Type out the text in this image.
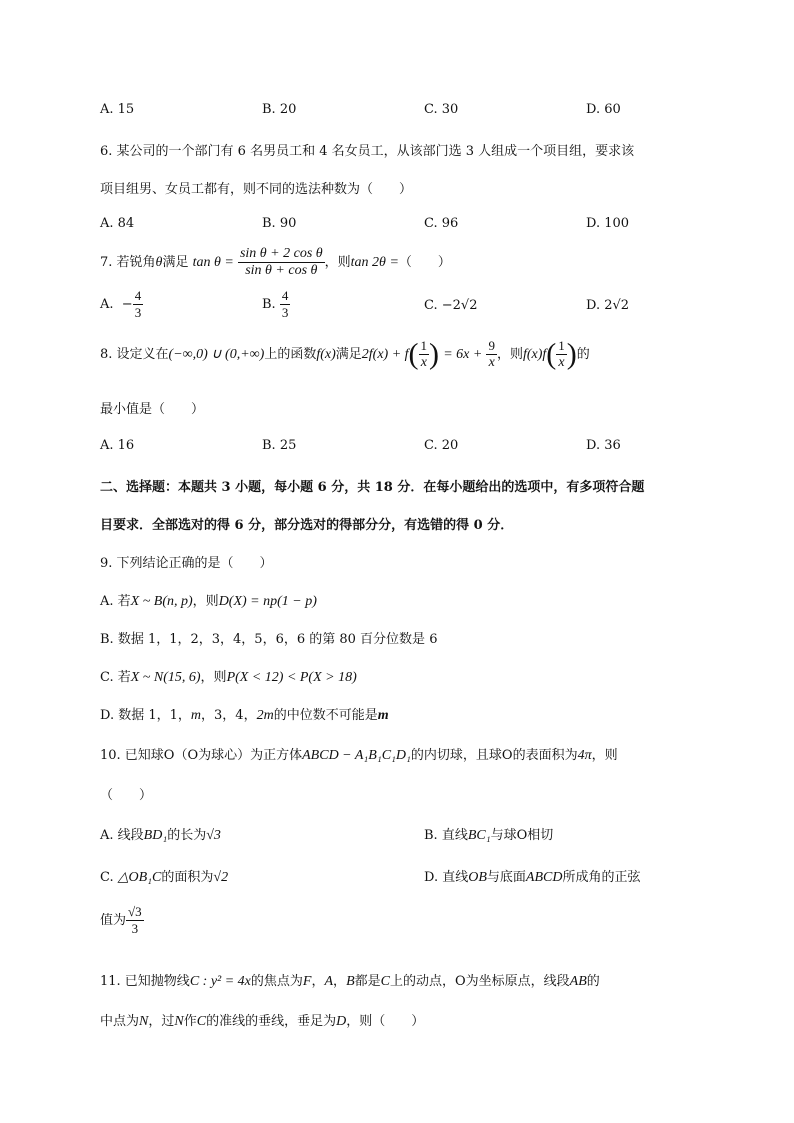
A. 15	B. 20	C. 30	D. 60
6. 某公司的一个部门有 6 名男员工和 4 名女员工，从该部门选 3 人组成一个项目组，要求该
项目组男、女员工都有，则不同的选法种数为（　　）
A. 84	B. 90	C. 96	D. 100
7. 若锐角θ满足 $\tan \theta = \frac{\text{sin θ + 2 cos θ}}{\text{sin θ + cos θ}}$ ，则tan 2θ =（　　）
A. − $\frac{4}{3}$	B. $\frac{4}{3}$	C. −2√2	D. 2√2
8. 设定义在(−∞,0) ∪ (0,+∞)上的函数f(x)满足$2f(x) + f( \frac{1}{x}$ ) = $6x + \frac{9}{x}$ ，则$f(x)f( \frac{1}{x}$ )的
最小值是（　　）
A. 16	B. 25	C. 20	D. 36
二、选择题：本题共 3 小题，每小题 6 分，共 18 分．在每小题给出的选项中，有多项符合题
目要求．全部选对的得 6 分，部分选对的得部分分，有选错的得 0 分．
9. 下列结论正确的是（　　）
A. 若X ~ B(n, p)，则D(X) = np(1 − p)
B. 数据 1，1，2，3，4，5，6，6 的第 80 百分位数是 6
C. 若X ~ N(15, 6)，则P(X < 12) < P(X > 18)
D. 数据 1，1，m，3，4，2m的中位数不可能是m
10. 已知球O（O为球心）为正方体ABCD − A₁B₁C₁D₁的内切球，且球O的表面积为4π，则
（　　）
A. 线段BD₁的长为√3	B. 直线BC₁与球O相切
C. △OB₁C的面积为√2	D. 直线OB与底面ABCD所成角的正弦
值为 $\frac{√3}{3}$
11. 已知抛物线C : y² = 4x的焦点为F，A，B都是C上的动点，O为坐标原点，线段AB的
中点为N，过N作C的准线的垂线，垂足为D，则（　　）
